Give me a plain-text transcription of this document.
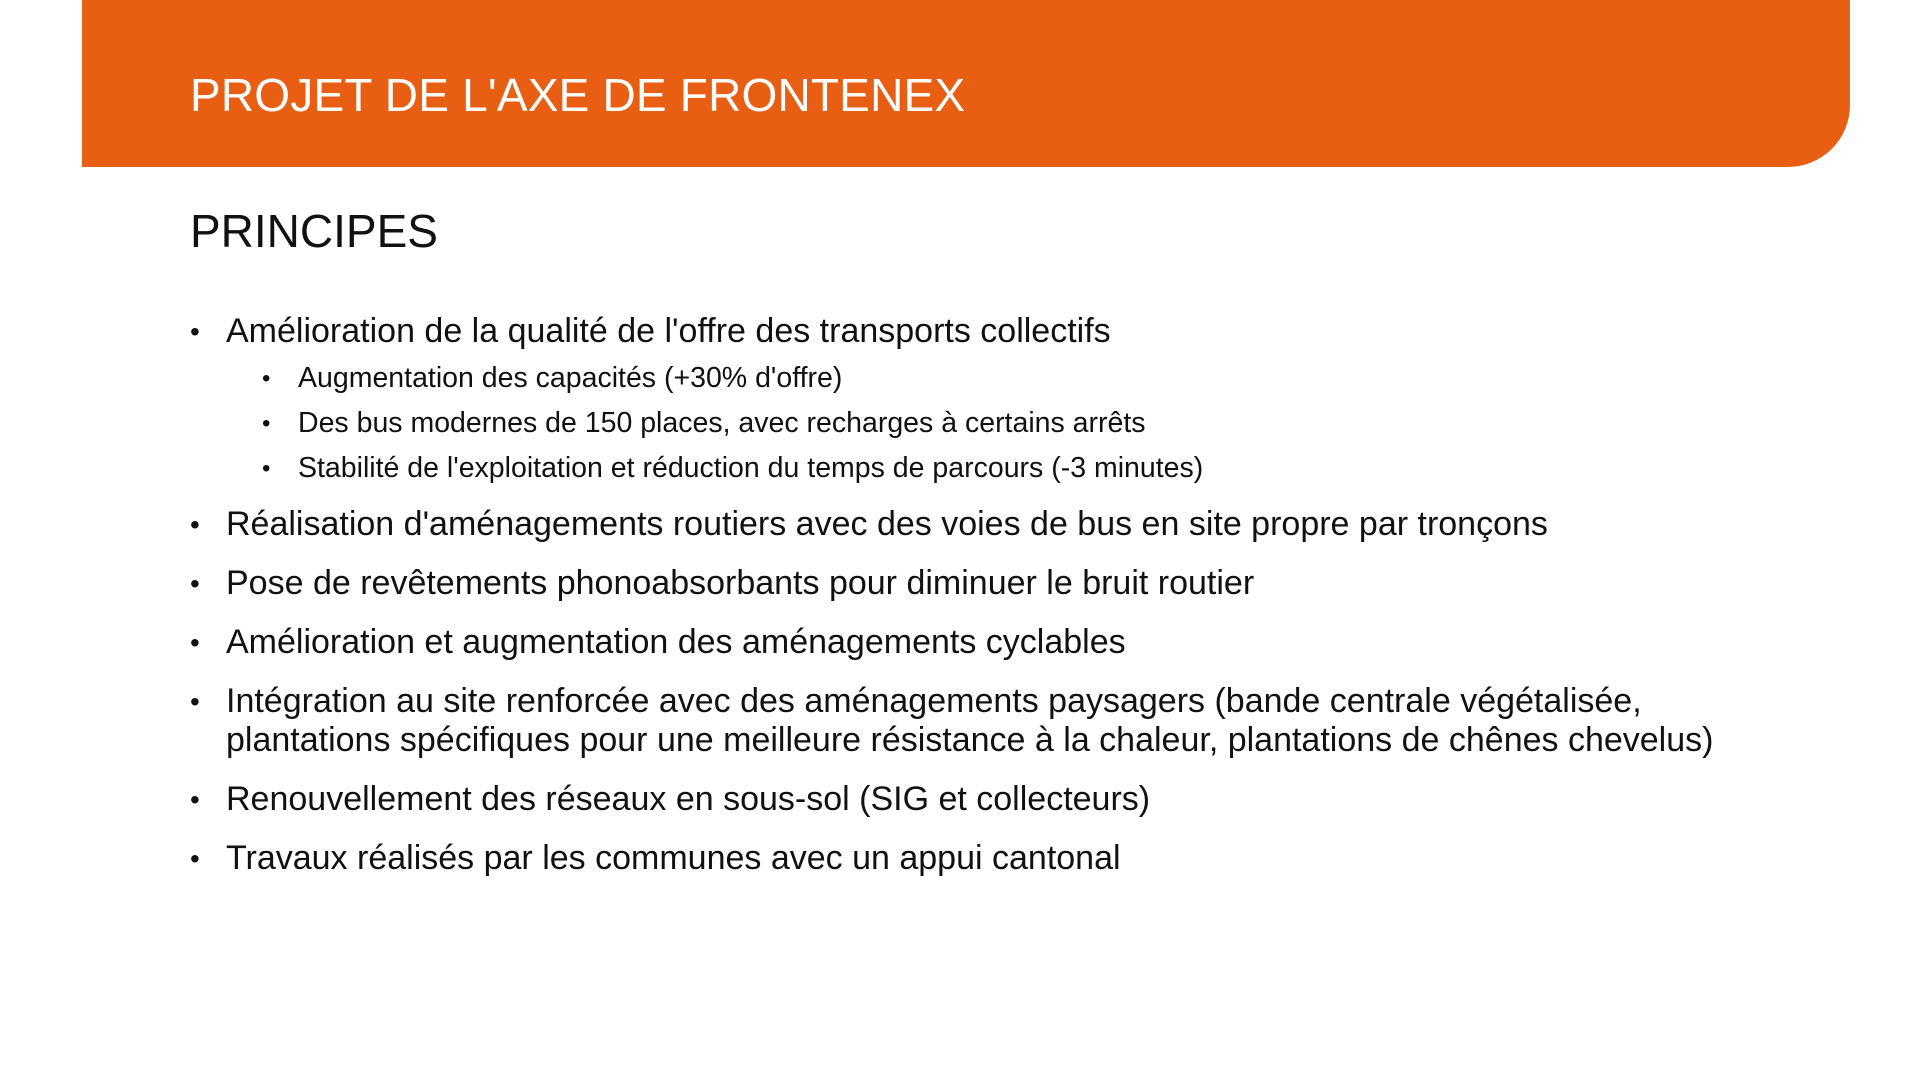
PROJET DE L'AXE DE FRONTENEX
PRINCIPES
• Amélioration de la qualité de l'offre des transports collectifs
• Augmentation des capacités (+30% d'offre)
• Des bus modernes de 150 places, avec recharges à certains arrêts
• Stabilité de l'exploitation et réduction du temps de parcours (-3 minutes)
• Réalisation d'aménagements routiers avec des voies de bus en site propre par tronçons
• Pose de revêtements phonoabsorbants pour diminuer le bruit routier
• Amélioration et augmentation des aménagements cyclables
• Intégration au site renforcée avec des aménagements paysagers (bande centrale végétalisée, plantations spécifiques pour une meilleure résistance à la chaleur, plantations de chênes chevelus)
• Renouvellement des réseaux en sous-sol (SIG et collecteurs)
• Travaux réalisés par les communes avec un appui cantonal
